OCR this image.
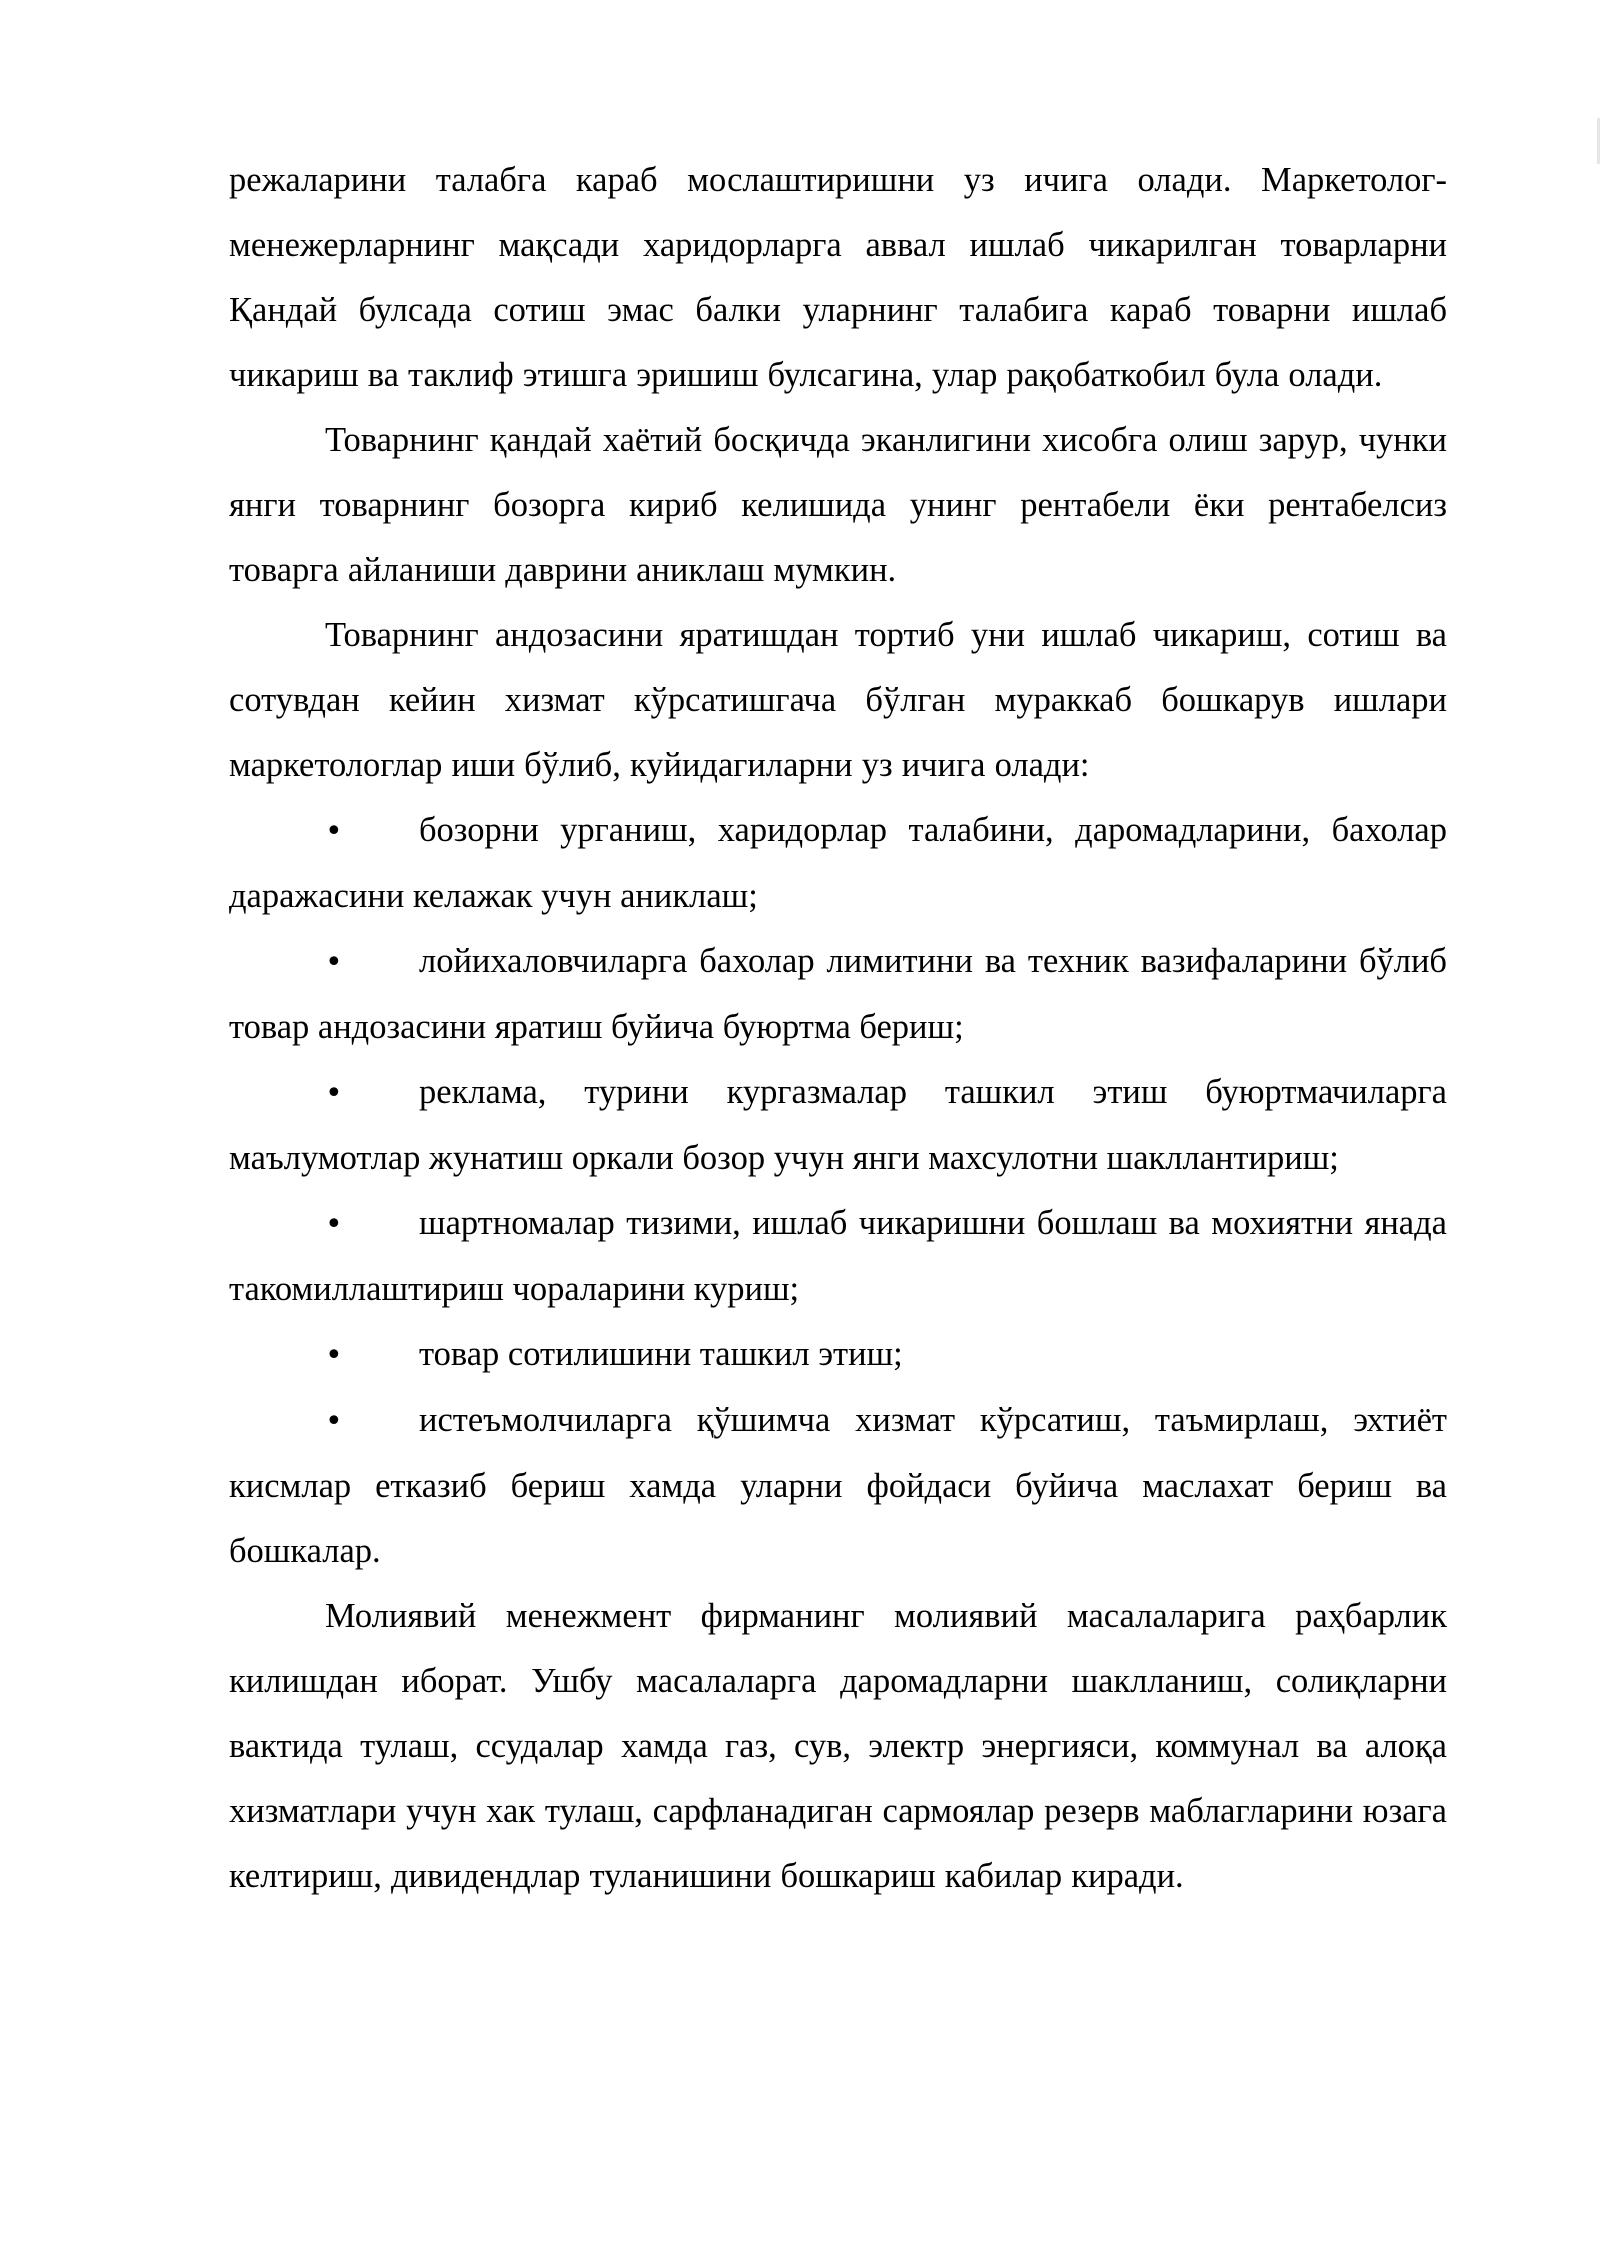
режаларини талабга караб мослаштиришни уз ичига олади. Маркетолог-менежерларнинг мақсади харидорларга аввал ишлаб чикарилган товарларни Қандай булсада сотиш эмас балки уларнинг талабига караб товарни ишлаб чикариш ва таклиф этишга эришиш булсагина, улар рақобаткобил була олади.

Товарнинг қандай хаётий босқичда эканлигини хисобга олиш зарур, чунки янги товарнинг бозорга кириб келишида унинг рентабели ёки рентабелсиз товарга айланиши даврини аниклаш мумкин.

Товарнинг андозасини яратишдан тортиб уни ишлаб чикариш, сотиш ва сотувдан кейин хизмат кўрсатишгача бўлган мураккаб бошкарув ишлари маркетологлар иши бўлиб, куйидагиларни уз ичига олади:

• бозорни урганиш, харидорлар талабини, даромадларини, бахолар даражасини келажак учун аниклаш;

• лойихаловчиларга бахолар лимитини ва техник вазифаларини бўлиб товар андозасини яратиш буйича буюртма бериш;

• реклама, турини кургазмалар ташкил этиш буюртмачиларга маълумотлар жунатиш оркали бозор учун янги махсулотни шакллантириш;

• шартномалар тизими, ишлаб чикаришни бошлаш ва мохиятни янада такомиллаштириш чораларини куриш;

• товар сотилишини ташкил этиш;

• истеъмолчиларга қўшимча хизмат кўрсатиш, таъмирлаш, эхтиёт кисмлар етказиб бериш хамда уларни фойдаси буйича маслахат бериш ва бошкалар.

Молиявий менежмент фирманинг молиявий масалаларига раҳбарлик килишдан иборат. Ушбу масалаларга даромадларни шаклланиш, солиқларни вактида тулаш, ссудалар хамда газ, сув, электр энергияси, коммунал ва алоқа хизматлари учун хак тулаш, сарфланадиган сармоялар резерв маблагларини юзага келтириш, дивидендлар туланишини бошкариш кабилар киради.
